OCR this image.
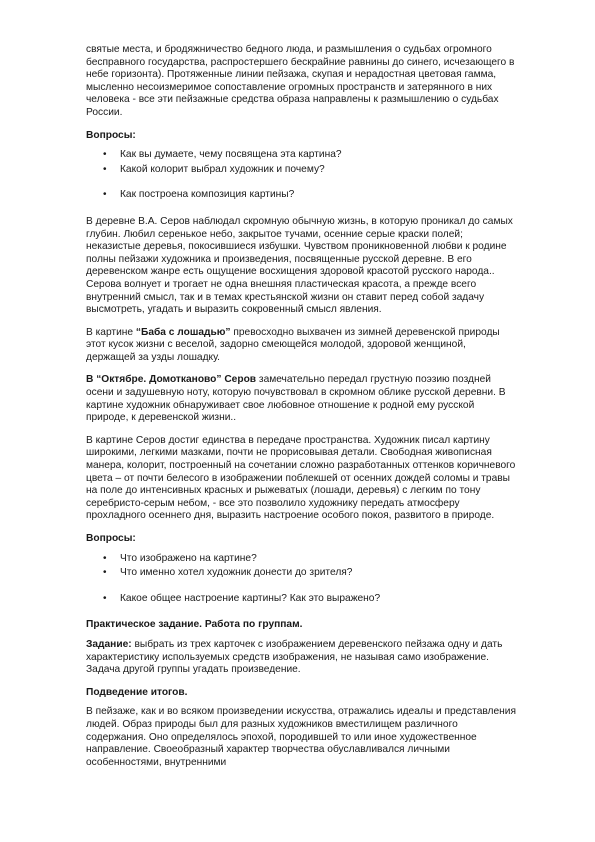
святые места, и бродяжничество бедного люда, и размышления о судьбах огромного бесправного государства, распростершего бескрайние равнины до синего, исчезающего в небе горизонта). Протяженные линии пейзажа, скупая и нерадостная цветовая гамма, мысленно несоизмеримое сопоставление огромных пространств и затерянного в них человека - все эти пейзажные средства образа направлены к размышлению о судьбах России.

Вопросы:

• Как вы думаете, чему посвящена эта картина?
• Какой колорит выбрал художник и почему?
• Как построена композиция картины?

В деревне В.А. Серов наблюдал скромную обычную жизнь, в которую проникал до самых глубин. Любил серенькое небо, закрытое тучами, осенние серые краски полей; неказистые деревья, покосившиеся избушки. Чувством проникновенной любви к родине полны пейзажи художника и произведения, посвященные русской деревне. В его деревенском жанре есть ощущение восхищения здоровой красотой русского народа.. Серова волнует и трогает не одна внешняя пластическая красота, а прежде всего внутренний смысл, так и в темах крестьянской жизни он ставит перед собой задачу высмотреть, угадать и выразить сокровенный смысл явления.

В картине “Баба с лошадью” превосходно выхвачен из зимней деревенской природы этот кусок жизни с веселой, задорно смеющейся молодой, здоровой женщиной, держащей за узды лошадку.

В “Октябре. Домотканово” Серов замечательно передал грустную поэзию поздней осени и задушевную ноту, которую почувствовал в скромном облике русской деревни. В картине художник обнаруживает свое любовное отношение к родной ему русской природе, к деревенской жизни..

В картине Серов достиг единства в передаче пространства. Художник писал картину широкими, легкими мазками, почти не прорисовывая детали. Свободная живописная манера, колорит, построенный на сочетании сложно разработанных оттенков коричневого цвета – от почти белесого в изображении поблекшей от осенних дождей соломы и травы на поле до интенсивных красных и рыжеватых (лошади, деревья) с легким по тону серебристо-серым небом, - все это позволило художнику передать атмосферу прохладного осеннего дня, выразить настроение особого покоя, развитого в природе.

Вопросы:

• Что изображено на картине?
• Что именно хотел художник донести до зрителя?
• Какое общее настроение картины? Как это выражено?

Практическое задание. Работа по группам.

Задание: выбрать из трех карточек с изображением деревенского пейзажа одну и дать характеристику используемых средств изображения, не называя само изображение. Задача другой группы угадать произведение.

Подведение итогов.

В пейзаже, как и во всяком произведении искусства, отражались идеалы и представления людей. Образ природы был для разных художников вместилищем различного содержания. Оно определялось эпохой, породившей то или иное художественное направление. Своеобразный характер творчества обуславливался личными особенностями, внутренними
